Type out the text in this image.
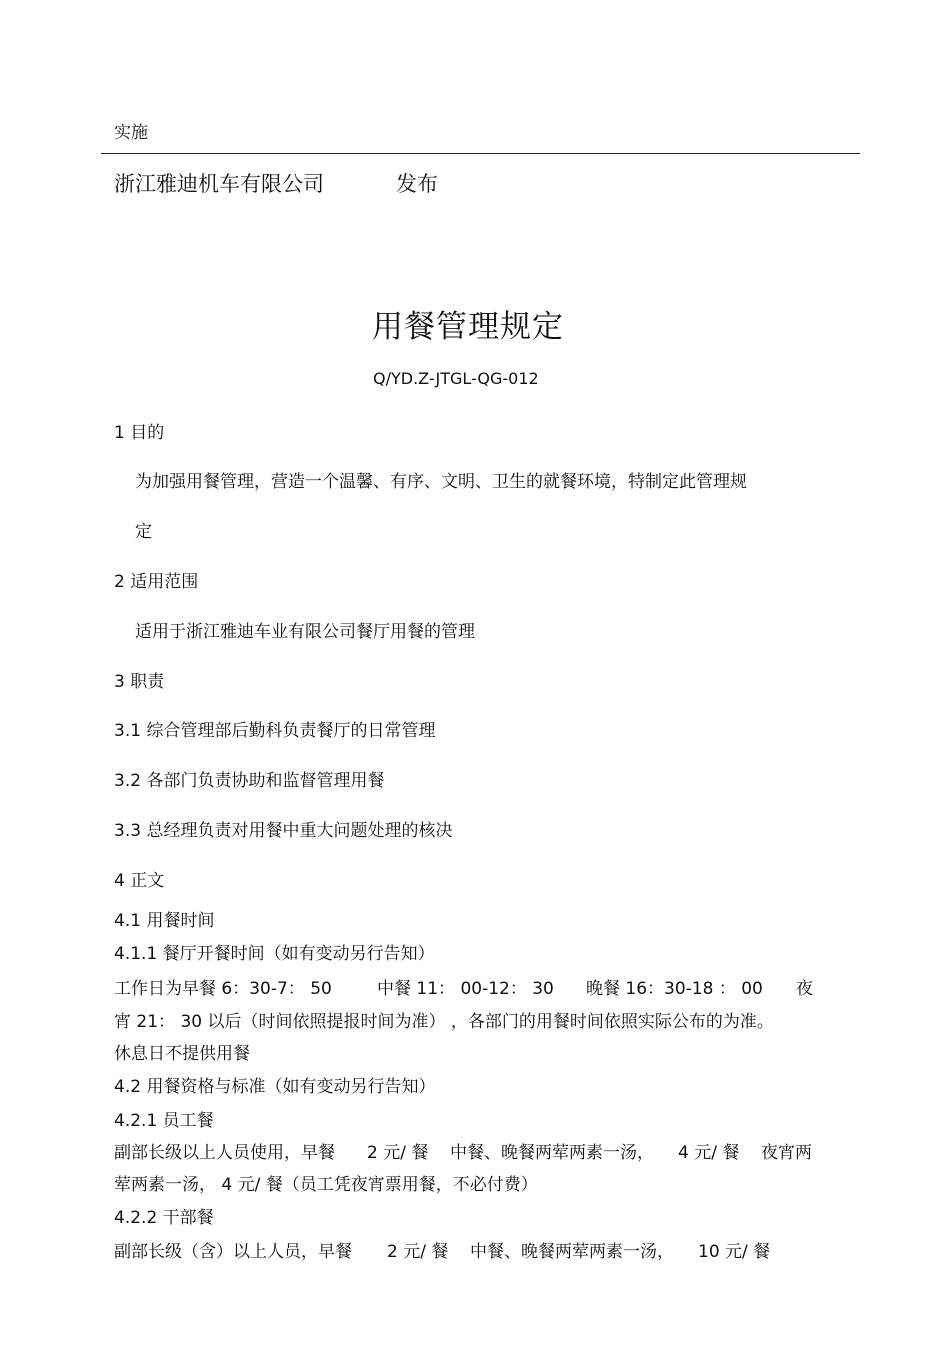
实施
浙江雅迪机车有限公司	发布
用餐管理规定
Q/YD.Z-JTGL-QG-012
1 目的
为加强用餐管理，营造一个温馨、有序、文明、卫生的就餐环境，特制定此管理规
定
2 适用范围
适用于浙江雅迪车业有限公司餐厅用餐的管理
3 职责
3.1 综合管理部后勤科负责餐厅的日常管理
3.2 各部门负责协助和监督管理用餐
3.3 总经理负责对用餐中重大问题处理的核决
4 正文
4.1 用餐时间
4.1.1 餐厅开餐时间（如有变动另行告知）
工作日为早餐 6：30-7： 50	中餐 11： 00-12： 30 晚餐 16：30-18 ： 00 夜
宵 21： 30 以后（时间依照提报时间为准） ，各部门的用餐时间依照实际公布的为准。
休息日不提供用餐
4.2 用餐资格与标准（如有变动另行告知）
4.2.1 员工餐
副部长级以上人员使用，早餐 2 元/ 餐 中餐、晚餐两荤两素一汤， 4 元/ 餐 夜宵两
荤两素一汤， 4 元/ 餐（员工凭夜宵票用餐，不必付费）
4.2.2 干部餐
副部长级（含）以上人员，早餐 2 元/ 餐 中餐、晚餐两荤两素一汤， 10 元/ 餐
